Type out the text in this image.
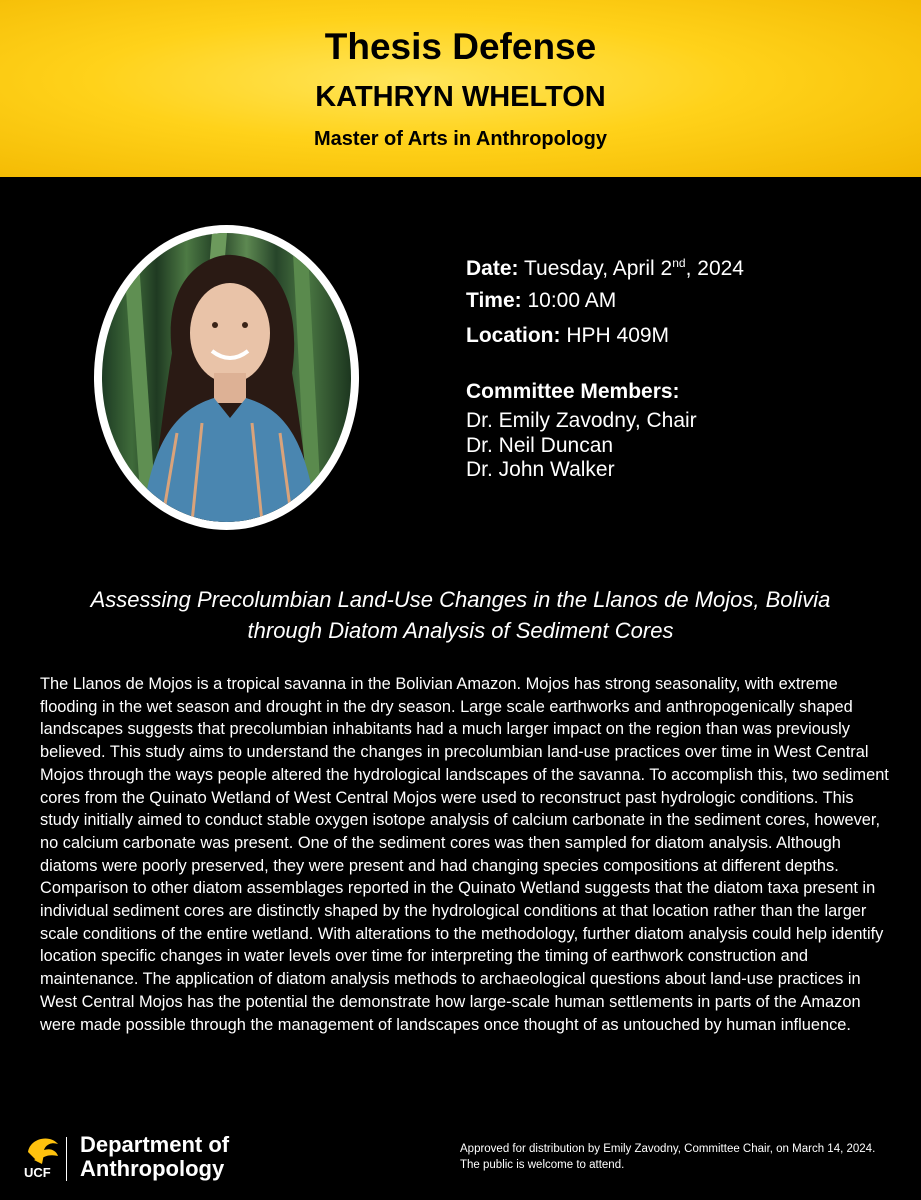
Thesis Defense
KATHRYN WHELTON
Master of Arts in Anthropology
Date: Tuesday, April 2nd, 2024
Time: 10:00 AM
Location: HPH 409M
Committee Members:
Dr. Emily Zavodny, Chair
Dr. Neil Duncan
Dr. John Walker
Assessing Precolumbian Land-Use Changes in the Llanos de Mojos, Bolivia
through Diatom Analysis of Sediment Cores
The Llanos de Mojos is a tropical savanna in the Bolivian Amazon. Mojos has strong seasonality, with extreme flooding in the wet season and drought in the dry season. Large scale earthworks and anthropogenically shaped landscapes suggests that precolumbian inhabitants had a much larger impact on the region than was previously believed. This study aims to understand the changes in precolumbian land-use practices over time in West Central Mojos through the ways people altered the hydrological landscapes of the savanna. To accomplish this, two sediment cores from the Quinato Wetland of West Central Mojos were used to reconstruct past hydrologic conditions. This study initially aimed to conduct stable oxygen isotope analysis of calcium carbonate in the sediment cores, however, no calcium carbonate was present. One of the sediment cores was then sampled for diatom analysis. Although diatoms were poorly preserved, they were present and had changing species compositions at different depths. Comparison to other diatom assemblages reported in the Quinato Wetland suggests that the diatom taxa present in individual sediment cores are distinctly shaped by the hydrological conditions at that location rather than the larger scale conditions of the entire wetland. With alterations to the methodology, further diatom analysis could help identify location specific changes in water levels over time for interpreting the timing of earthwork construction and maintenance. The application of diatom analysis methods to archaeological questions about land-use practices in West Central Mojos has the potential the demonstrate how large-scale human settlements in parts of the Amazon were made possible through the management of landscapes once thought of as untouched by human influence.
UCF
Department of
Anthropology
Approved for distribution by Emily Zavodny, Committee Chair, on March 14, 2024. The public is welcome to attend.
